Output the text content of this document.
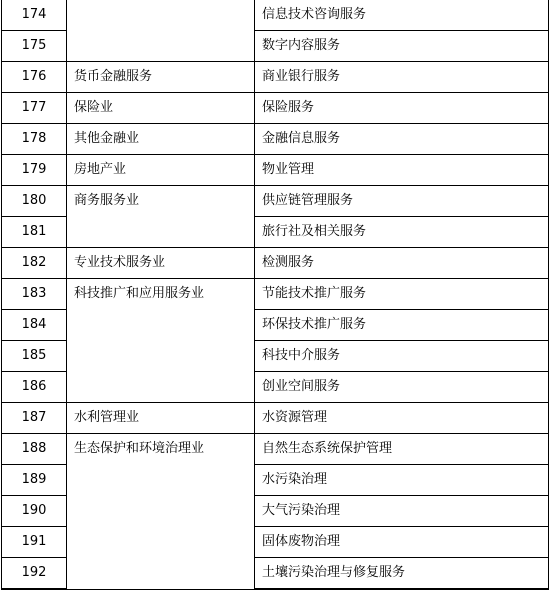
174		信息技术咨询服务
175		数字内容服务
176	货币金融服务	商业银行服务
177	保险业	保险服务
178	其他金融业	金融信息服务
179	房地产业	物业管理
180	商务服务业	供应链管理服务
181		旅行社及相关服务
182	专业技术服务业	检测服务
183	科技推广和应用服务业	节能技术推广服务
184		环保技术推广服务
185		科技中介服务
186		创业空间服务
187	水利管理业	水资源管理
188	生态保护和环境治理业	自然生态系统保护管理
189		水污染治理
190		大气污染治理
191		固体废物治理
192		土壤污染治理与修复服务
